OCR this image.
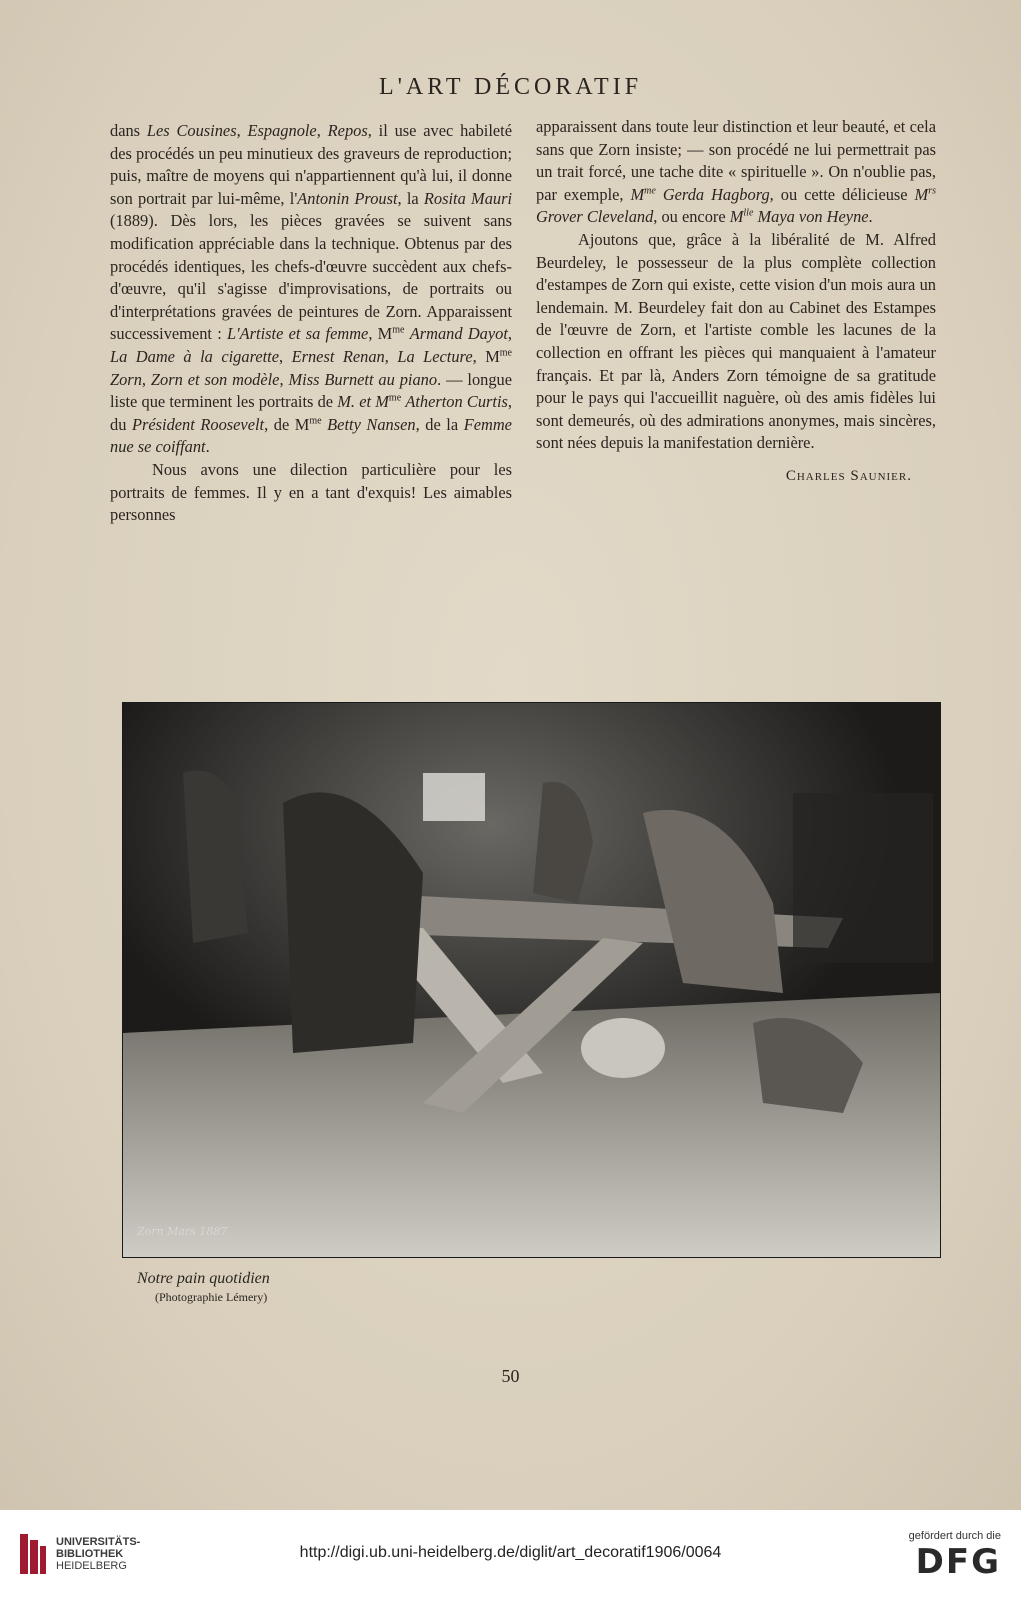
L'ART DÉCORATIF

dans Les Cousines, Espagnole, Repos, il use avec habileté des procédés un peu minutieux des graveurs de reproduction; puis, maître de moyens qui n'appartiennent qu'à lui, il donne son portrait par lui-même, l'Antonin Proust, la Rosita Mauri (1889). Dès lors, les pièces gravées se suivent sans modification appréciable dans la technique. Obtenus par des procédés identiques, les chefs-d'œuvre succèdent aux chefs-d'œuvre, qu'il s'agisse d'improvisations, de portraits ou d'interprétations gravées de peintures de Zorn. Apparaissent successivement : L'Artiste et sa femme, $M^{me}$ Armand Dayot, La Dame à la cigarette, Ernest Renan, La Lecture, $M^{me}$ Zorn, Zorn et son modèle, Miss Burnett au piano. — longue liste que terminent les portraits de M. et $M^{me}$ Atherton Curtis, du Président Roosevelt, de $M^{me}$ Betty Nansen, de la Femme nue se coiffant.

Nous avons une dilection particulière pour les portraits de femmes. Il y en a tant d'exquis! Les aimables personnes

apparaissent dans toute leur distinction et leur beauté, et cela sans que Zorn insiste; — son procédé ne lui permettrait pas un trait forcé, une tache dite « spirituelle ». On n'oublie pas, par exemple, $M^{me}$ Gerda Hagborg, ou cette délicieuse $M^{rs}$ Grover Cleveland, ou encore $M^{lle}$ Maya von Heyne.

Ajoutons que, grâce à la libéralité de M. Alfred Beurdeley, le possesseur de la plus complète collection d'estampes de Zorn qui existe, cette vision d'un mois aura un lendemain. M. Beurdeley fait don au Cabinet des Estampes de l'œuvre de Zorn, et l'artiste comble les lacunes de la collection en offrant les pièces qui manquaient à l'amateur français. Et par là, Anders Zorn témoigne de sa gratitude pour le pays qui l'accueillit naguère, où des amis fidèles lui sont demeurés, où des admirations anonymes, mais sincères, sont nées depuis la manifestation dernière.

Charles Saunier.
Zorn Mars 1887
Notre pain quotidien
(Photographie Lémery)
50
UNIVERSITÄTS-
BIBLIOTHEK
HEIDELBERG
http://digi.ub.uni-heidelberg.de/diglit/art_decoratif1906/0064
gefördert durch die
DFG
